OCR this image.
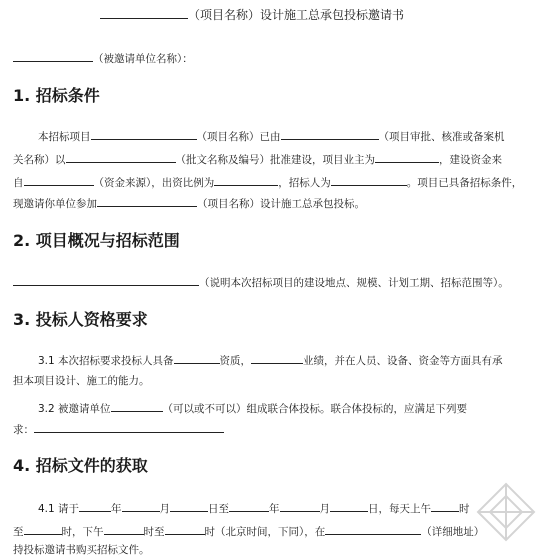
（项目名称）设计施工总承包投标邀请书
（被邀请单位名称）：
1. 招标条件
本招标项目	（项目名称）已由	（项目审批、核准或备案机
关名称）以	（批文名称及编号）批准建设，项目业主为	，建设资金来
自	（资金来源），出资比例为	，招标人为	。项目已具备招标条件，
现邀请你单位参加	（项目名称）设计施工总承包投标。
2. 项目概况与招标范围
（说明本次招标项目的建设地点、规模、计划工期、招标范围等）。
3. 投标人资格要求
3.1 本次招标要求投标人具备	资质，	业绩，并在人员、设备、资金等方面具有承
担本项目设计、施工的能力。
3.2 被邀请单位	（可以或不可以）组成联合体投标。联合体投标的，应满足下列要
求：
4. 招标文件的获取
4.1 请于	年	月	日至	年	月	日，每天上午	时
至	时，下午	时至	时（北京时间，下同），在	（详细地址）
持投标邀请书购买招标文件。
